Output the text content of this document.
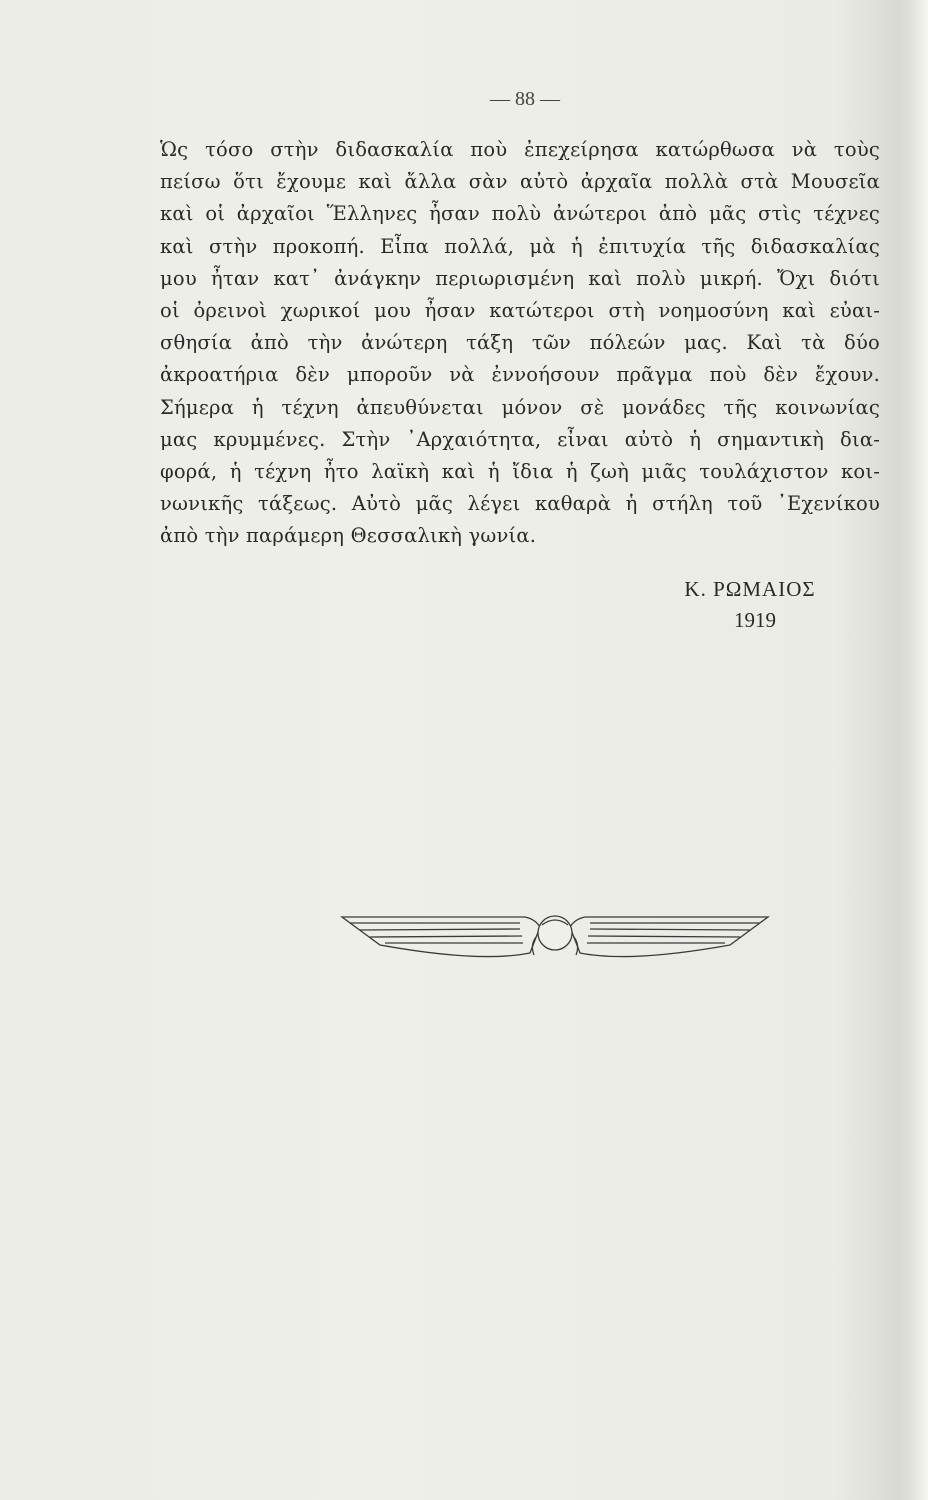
— 88 —
Ὡς τόσο στὴν διδασκαλία ποὺ ἐπεχείρησα κατώρθωσα νὰ τοὺς
πείσω ὅτι ἔχουμε καὶ ἄλλα σὰν αὐτὸ ἀρχαῖα πολλὰ στὰ Μουσεῖα
καὶ οἱ ἀρχαῖοι Ἕλληνες ἦσαν πολὺ ἀνώτεροι ἀπὸ μᾶς στὶς τέχνες
καὶ στὴν προκοπή. Εἶπα πολλά, μὰ ἡ ἐπιτυχία τῆς διδασκαλίας
μου ἦταν κατ᾽ ἀνάγκην περιωρισμένη καὶ πολὺ μικρή. Ὄχι διότι
οἱ ὀρεινοὶ χωρικοί μου ἦσαν κατώτεροι στὴ νοημοσύνη καὶ εὐαι-
σθησία ἀπὸ τὴν ἀνώτερη τάξη τῶν πόλεών μας. Καὶ τὰ δύο
ἀκροατήρια δὲν μποροῦν νὰ ἐννοήσουν πρᾶγμα ποὺ δὲν ἔχουν.
Σήμερα ἡ τέχνη ἀπευθύνεται μόνον σὲ μονάδες τῆς κοινωνίας
μας κρυμμένες. Στὴν ᾽Αρχαιότητα, εἶναι αὐτὸ ἡ σημαντικὴ δια-
φορά, ἡ τέχνη ἦτο λαϊκὴ καὶ ἡ ἴδια ἡ ζωὴ μιᾶς τουλάχιστον κοι-
νωνικῆς τάξεως. Αὐτὸ μᾶς λέγει καθαρὰ ἡ στήλη τοῦ ᾽Εχενίκου
ἀπὸ τὴν παράμερη Θεσσαλικὴ γωνία.
Κ. ΡΩΜΑΙΟΣ
1919
